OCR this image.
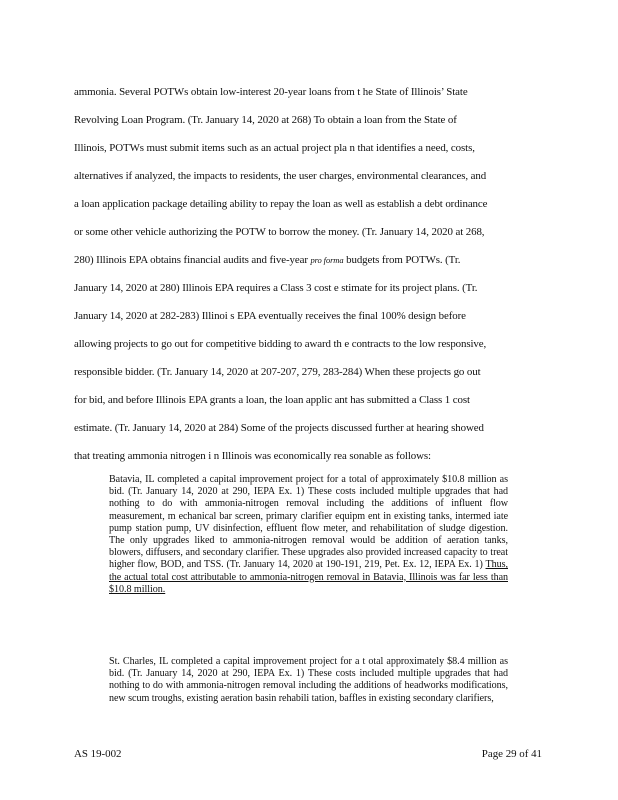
ammonia. Several POTWs obtain low-interest 20-year loans from t he State of Illinois’ State
Revolving Loan Program. (Tr. January 14, 2020 at 268) To obtain a loan from the State of
Illinois, POTWs must submit items such as an actual project pla n that identifies a need, costs,
alternatives if analyzed, the impacts to residents, the user charges, environmental clearances, and
a loan application package detailing ability to repay the loan as well as establish a debt ordinance
or some other vehicle authorizing the POTW to borrow the money. (Tr. January 14, 2020 at 268,
280) Illinois EPA obtains financial audits and five-year pro forma budgets from POTWs. (Tr.
January 14, 2020 at 280) Illinois EPA requires a Class 3 cost e stimate for its project plans. (Tr.
January 14, 2020 at 282-283) Illinoi s EPA eventually receives the final 100% design before
allowing projects to go out for competitive bidding to award th e contracts to the low responsive,
responsible bidder. (Tr. January 14, 2020 at 207-207, 279, 283-284) When these projects go out
for bid, and before Illinois EPA grants a loan, the loan applic ant has submitted a Class 1 cost
estimate. (Tr. January 14, 2020 at 284) Some of the projects discussed further at hearing showed
that treating ammonia nitrogen i n Illinois was economically rea sonable as follows:

Batavia, IL completed a capital improvement project for a total of approximately $10.8 million as bid. (Tr. January 14, 2020 at 290, IEPA Ex. 1) These costs included multiple upgrades that had nothing to do with ammonia-nitrogen removal including the additions of influent flow measurement, m echanical bar screen, primary clarifier equipm ent in existing tanks, intermed iate pump station pump, UV disinfection, effluent flow meter, and rehabilitation of sludge digestion. The only upgrades liked to ammonia-nitrogen removal would be addition of aeration tanks, blowers, diffusers, and secondary clarifier. These upgrades also provided increased capacity to treat higher flow, BOD, and TSS. (Tr. January 14, 2020 at 190-191, 219, Pet. Ex. 12, IEPA Ex. 1) Thus, the actual total cost attributable to ammonia-nitrogen removal in Batavia, Illinois was far less than $10.8 million.

St. Charles, IL completed a capital improvement project for a t otal approximately $8.4 million as bid. (Tr. January 14, 2020 at 290, IEPA Ex. 1) These costs included multiple upgrades that had nothing to do with ammonia-nitrogen removal including the additions of headworks modifications, new scum troughs, existing aeration basin rehabili tation, baffles in existing secondary clarifiers,

AS 19-002	Page 29 of 41
